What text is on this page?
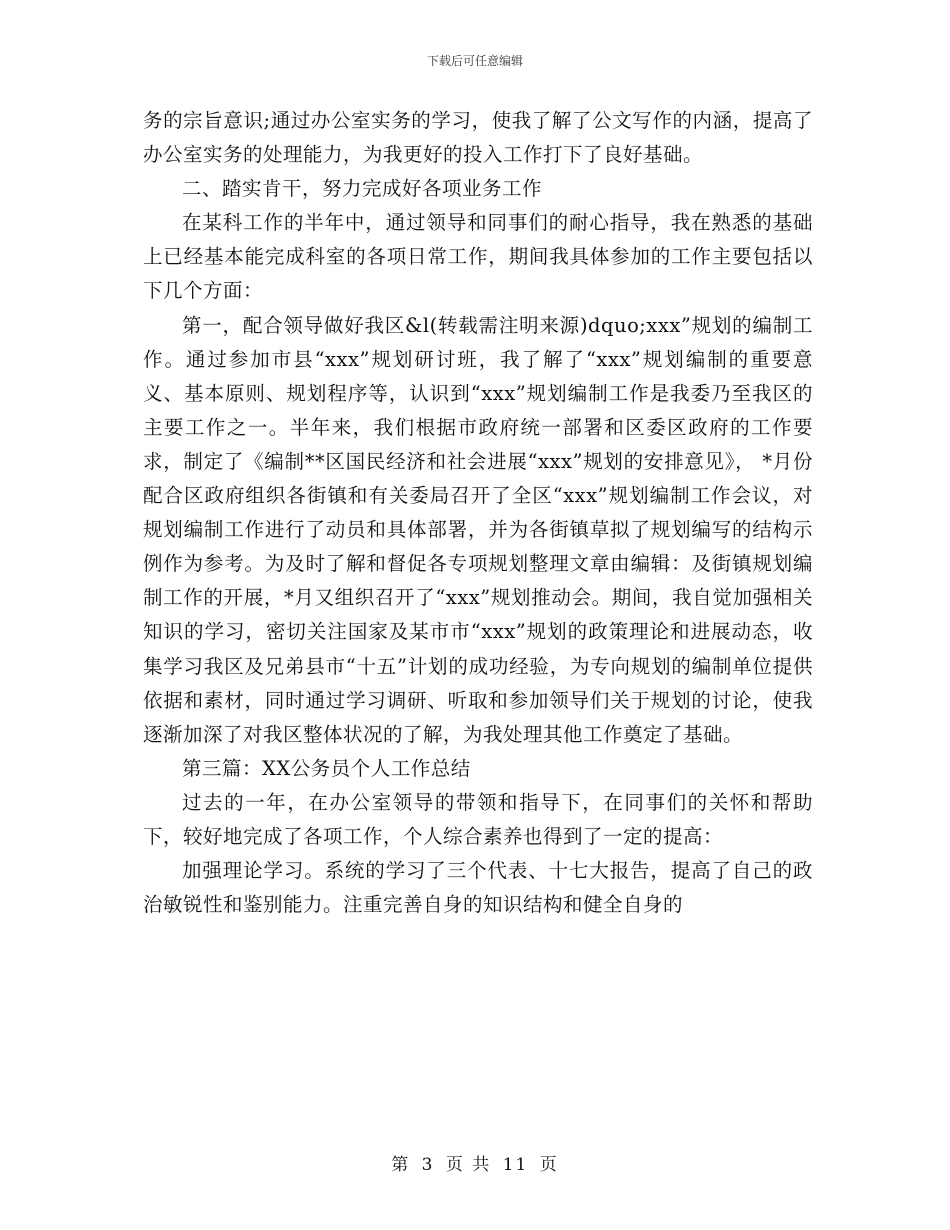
下载后可任意编辑

务的宗旨意识;通过办公室实务的学习，使我了解了公文写作的内涵，提高了办公室实务的处理能力，为我更好的投入工作打下了良好基础。

二、踏实肯干，努力完成好各项业务工作

在某科工作的半年中，通过领导和同事们的耐心指导，我在熟悉的基础上已经基本能完成科室的各项日常工作，期间我具体参加的工作主要包括以下几个方面：

第一，配合领导做好我区&l(转载需注明来源)dquo;xxx”规划的编制工作。通过参加市县“xxx”规划研讨班，我了解了“xxx”规划编制的重要意义、基本原则、规划程序等，认识到“xxx”规划编制工作是我委乃至我区的主要工作之一。半年来，我们根据市政府统一部署和区委区政府的工作要求，制定了《编制**区国民经济和社会进展“xxx”规划的安排意见》， *月份配合区政府组织各街镇和有关委局召开了全区“xxx”规划编制工作会议，对规划编制工作进行了动员和具体部署，并为各街镇草拟了规划编写的结构示例作为参考。为及时了解和督促各专项规划整理文章由编辑：及街镇规划编制工作的开展，*月又组织召开了“xxx”规划推动会。期间，我自觉加强相关知识的学习，密切关注国家及某市市“xxx”规划的政策理论和进展动态，收集学习我区及兄弟县市“十五”计划的成功经验，为专向规划的编制单位提供依据和素材，同时通过学习调研、听取和参加领导们关于规划的讨论，使我逐渐加深了对我区整体状况的了解，为我处理其他工作奠定了基础。

第三篇：XX公务员个人工作总结

过去的一年，在办公室领导的带领和指导下，在同事们的关怀和帮助下，较好地完成了各项工作，个人综合素养也得到了一定的提高：

加强理论学习。系统的学习了三个代表、十七大报告，提高了自己的政治敏锐性和鉴别能力。注重完善自身的知识结构和健全自身的

第 3 页 共 11 页
